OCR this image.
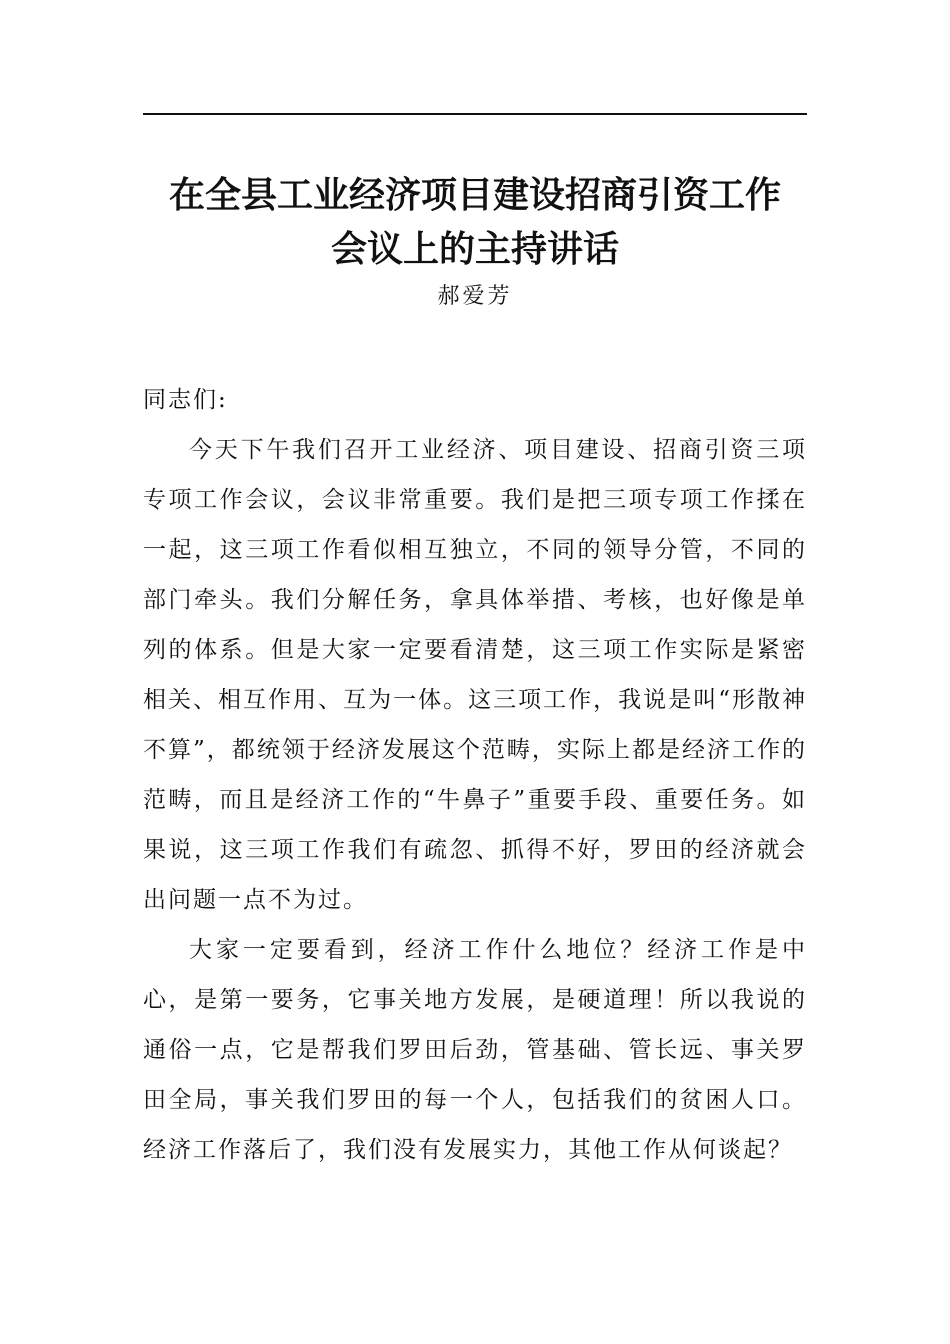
在全县工业经济项目建设招商引资工作
会议上的主持讲话
郝爱芳

同志们:

今天下午我们召开工业经济、项目建设、招商引资三项专项工作会议，会议非常重要。我们是把三项专项工作揉在一起，这三项工作看似相互独立，不同的领导分管，不同的部门牵头。我们分解任务，拿具体举措、考核，也好像是单列的体系。但是大家一定要看清楚，这三项工作实际是紧密相关、相互作用、互为一体。这三项工作，我说是叫“形散神不算”，都统领于经济发展这个范畴，实际上都是经济工作的范畴，而且是经济工作的“牛鼻子”重要手段、重要任务。如果说，这三项工作我们有疏忽、抓得不好，罗田的经济就会出问题一点不为过。

大家一定要看到，经济工作什么地位？经济工作是中心，是第一要务，它事关地方发展，是硬道理！所以我说的通俗一点，它是帮我们罗田后劲，管基础、管长远、事关罗田全局，事关我们罗田的每一个人，包括我们的贫困人口。经济工作落后了，我们没有发展实力，其他工作从何谈起？
